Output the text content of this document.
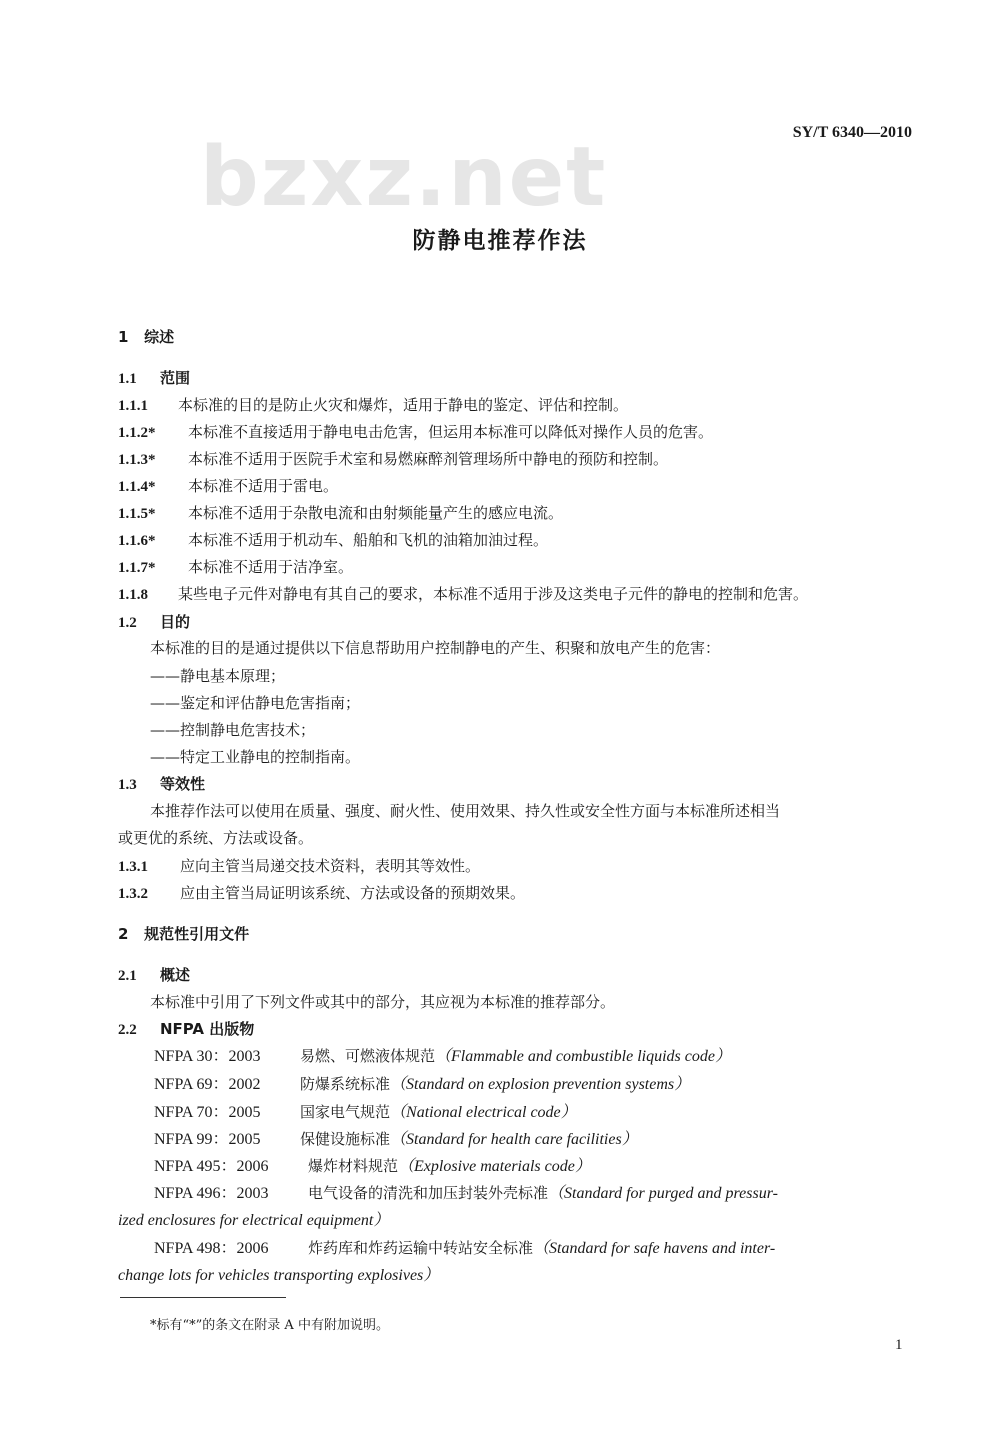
SY/T 6340—2010
bzxz.net
防静电推荐作法
1 综述
1.1 范围
1.1.1 本标准的目的是防止火灾和爆炸，适用于静电的鉴定、评估和控制。
1.1.2* 本标准不直接适用于静电电击危害，但运用本标准可以降低对操作人员的危害。
1.1.3* 本标准不适用于医院手术室和易燃麻醉剂管理场所中静电的预防和控制。
1.1.4* 本标准不适用于雷电。
1.1.5* 本标准不适用于杂散电流和由射频能量产生的感应电流。
1.1.6* 本标准不适用于机动车、船舶和飞机的油箱加油过程。
1.1.7* 本标准不适用于洁净室。
1.1.8 某些电子元件对静电有其自己的要求，本标准不适用于涉及这类电子元件的静电的控制和危害。
1.2 目的
本标准的目的是通过提供以下信息帮助用户控制静电的产生、积聚和放电产生的危害：
——静电基本原理；
——鉴定和评估静电危害指南；
——控制静电危害技术；
——特定工业静电的控制指南。
1.3 等效性
本推荐作法可以使用在质量、强度、耐火性、使用效果、持久性或安全性方面与本标准所述相当
或更优的系统、方法或设备。
1.3.1 应向主管当局递交技术资料，表明其等效性。
1.3.2 应由主管当局证明该系统、方法或设备的预期效果。
2 规范性引用文件
2.1 概述
本标准中引用了下列文件或其中的部分，其应视为本标准的推荐部分。
2.2 NFPA 出版物
NFPA 30：2003	易燃、可燃液体规范（Flammable and combustible liquids code）
NFPA 69：2002	防爆系统标准（Standard on explosion prevention systems）
NFPA 70：2005	国家电气规范（National electrical code）
NFPA 99：2005	保健设施标准（Standard for health care facilities）
NFPA 495：2006	爆炸材料规范（Explosive materials code）
NFPA 496：2003	电气设备的清洗和加压封装外壳标准（Standard for purged and pressur-
ized enclosures for electrical equipment）
NFPA 498：2006	炸药库和炸药运输中转站安全标准（Standard for safe havens and inter-
change lots for vehicles transporting explosives）
*标有“*”的条文在附录 A 中有附加说明。
1
